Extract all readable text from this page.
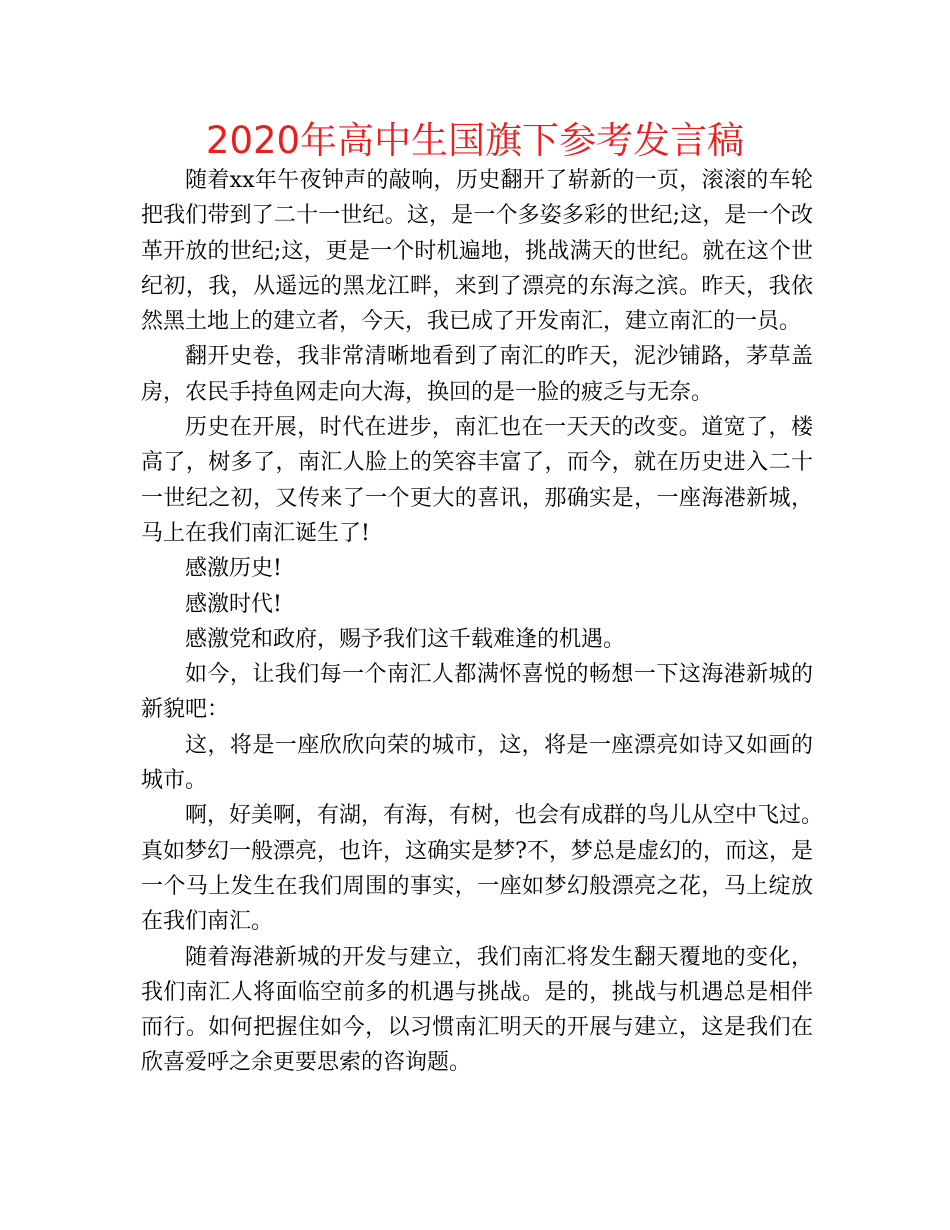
2020年高中生国旗下参考发言稿
随着xx年午夜钟声的敲响，历史翻开了崭新的一页，滚滚的车轮
把我们带到了二十一世纪。这，是一个多姿多彩的世纪;这，是一个改
革开放的世纪;这，更是一个时机遍地，挑战满天的世纪。就在这个世
纪初，我，从遥远的黑龙江畔，来到了漂亮的东海之滨。昨天，我依
然黑土地上的建立者，今天，我已成了开发南汇，建立南汇的一员。
翻开史卷，我非常清晰地看到了南汇的昨天，泥沙铺路，茅草盖
房，农民手持鱼网走向大海，换回的是一脸的疲乏与无奈。
历史在开展，时代在进步，南汇也在一天天的改变。道宽了，楼
高了，树多了，南汇人脸上的笑容丰富了，而今，就在历史进入二十
一世纪之初，又传来了一个更大的喜讯，那确实是，一座海港新城，
马上在我们南汇诞生了!
感激历史!
感激时代!
感激党和政府，赐予我们这千载难逢的机遇。
如今，让我们每一个南汇人都满怀喜悦的畅想一下这海港新城的
新貌吧：
这，将是一座欣欣向荣的城市，这，将是一座漂亮如诗又如画的
城市。
啊，好美啊，有湖，有海，有树，也会有成群的鸟儿从空中飞过。
真如梦幻一般漂亮，也许，这确实是梦?不，梦总是虚幻的，而这，是
一个马上发生在我们周围的事实，一座如梦幻般漂亮之花，马上绽放
在我们南汇。
随着海港新城的开发与建立，我们南汇将发生翻天覆地的变化，
我们南汇人将面临空前多的机遇与挑战。是的，挑战与机遇总是相伴
而行。如何把握住如今，以习惯南汇明天的开展与建立，这是我们在
欣喜爱呼之余更要思索的咨询题。
